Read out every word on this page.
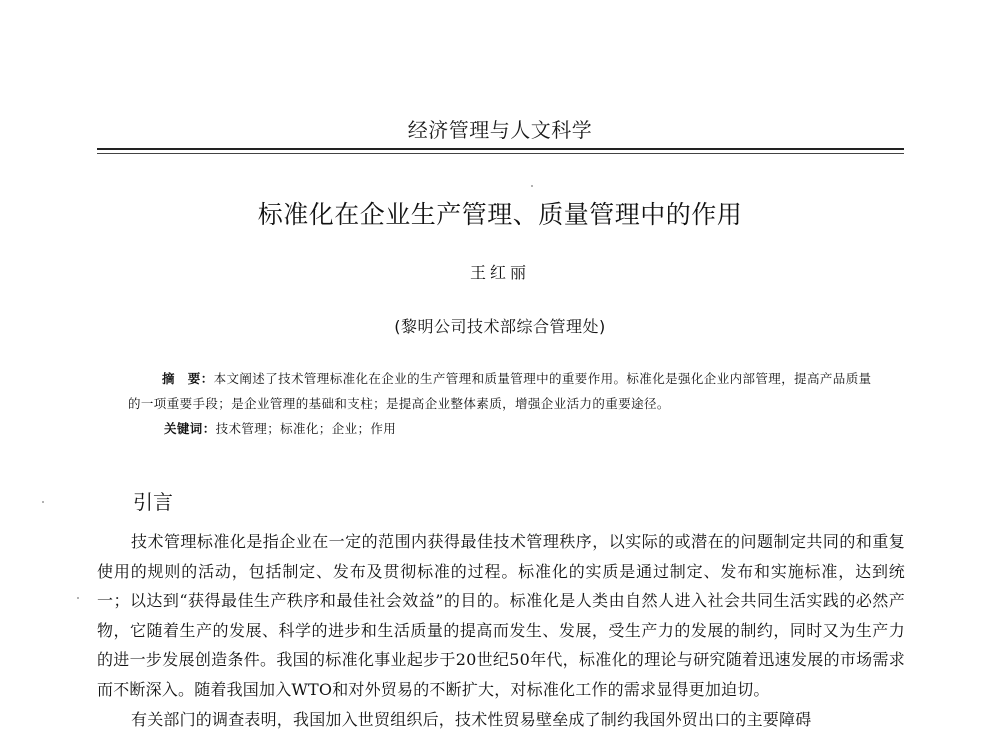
经济管理与人文科学
标准化在企业生产管理、质量管理中的作用
王红丽
(黎明公司技术部综合管理处)

摘　要：本文阐述了技术管理标准化在企业的生产管理和质量管理中的重要作用。标准化是强化企业内部管理，提高产品质量的一项重要手段；是企业管理的基础和支柱；是提高企业整体素质，增强企业活力的重要途径。

关键词：技术管理；标准化；企业；作用

引言

技术管理标准化是指企业在一定的范围内获得最佳技术管理秩序，以实际的或潜在的问题制定共同的和重复使用的规则的活动，包括制定、发布及贯彻标准的过程。标准化的实质是通过制定、发布和实施标准，达到统一；以达到“获得最佳生产秩序和最佳社会效益”的目的。标准化是人类由自然人进入社会共同生活实践的必然产物，它随着生产的发展、科学的进步和生活质量的提高而发生、发展，受生产力的发展的制约，同时又为生产力的进一步发展创造条件。我国的标准化事业起步于20世纪50年代，标准化的理论与研究随着迅速发展的市场需求而不断深入。随着我国加入WTO和对外贸易的不断扩大，对标准化工作的需求显得更加迫切。

有关部门的调查表明，我国加入世贸组织后，技术性贸易壁垒成了制约我国外贸出口的主要障碍
